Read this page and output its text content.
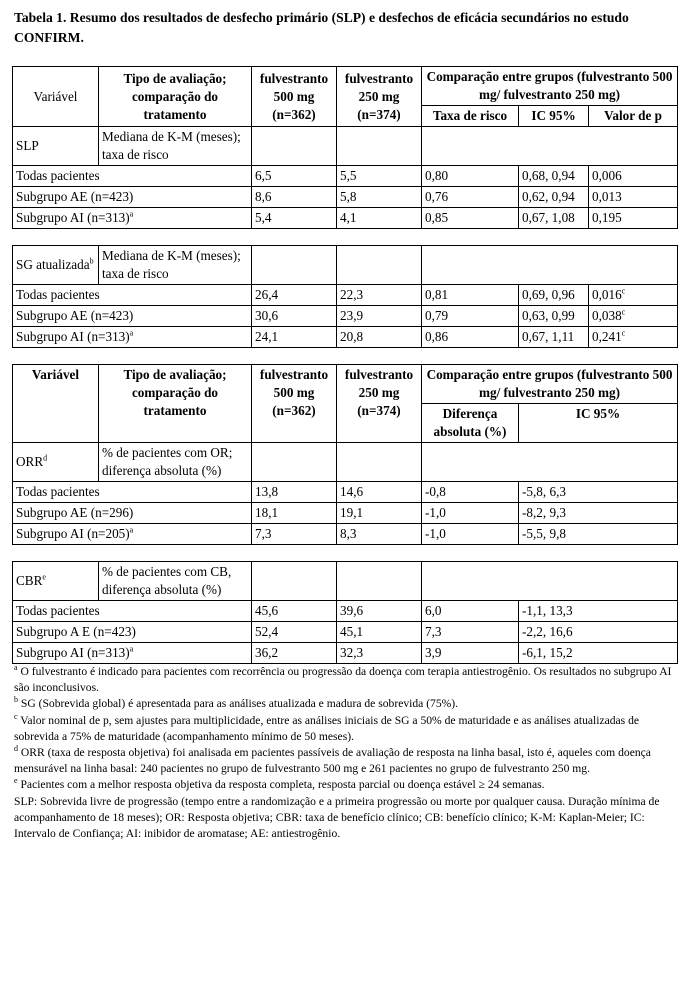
Tabela 1. Resumo dos resultados de desfecho primário (SLP) e desfechos de eficácia secundários no estudo CONFIRM.
Variável	Tipo de avaliação; comparação do tratamento	fulvestranto 500 mg (n=362)	fulvestranto 250 mg (n=374)	Comparação entre grupos (fulvestranto 500 mg/ fulvestranto 250 mg)		
				Taxa de risco	IC 95%	Valor de p
SLP	Mediana de K-M (meses); taxa de risco					
Todas pacientes		6,5	5,5	0,80	0,68, 0,94	0,006
Subgrupo AE (n=423)		8,6	5,8	0,76	0,62, 0,94	0,013
Subgrupo AI (n=313)$^a$		5,4	4,1	0,85	0,67, 1,08	0,195

SG atualizada$^b$	Mediana de K-M (meses); taxa de risco					
Todas pacientes		26,4	22,3	0,81	0,69, 0,96	0,016$^c$
Subgrupo AE (n=423)		30,6	23,9	0,79	0,63, 0,99	0,038$^c$
Subgrupo AI (n=313)$^a$		24,1	20,8	0,86	0,67, 1,11	0,241$^c$

Variável	Tipo de avaliação; comparação do tratamento	fulvestranto 500 mg (n=362)	fulvestranto 250 mg (n=374)	Comparação entre grupos (fulvestranto 500 mg/ fulvestranto 250 mg)		
				Diferença absoluta (%)	IC 95%	
ORR$^d$	% de pacientes com OR; diferença absoluta (%)					
Todas pacientes		13,8	14,6	-0,8	-5,8, 6,3	
Subgrupo AE (n=296)		18,1	19,1	-1,0	-8,2, 9,3	
Subgrupo AI (n=205)$^a$		7,3	8,3	-1,0	-5,5, 9,8	

CBR$^e$	% de pacientes com CB, diferença absoluta (%)					
Todas pacientes		45,6	39,6	6,0	-1,1, 13,3	
Subgrupo A E (n=423)		52,4	45,1	7,3	-2,2, 16,6	
Subgrupo AI (n=313)$^a$		36,2	32,3	3,9	-6,1, 15,2	

$^a$ O fulvestranto é indicado para pacientes com recorrência ou progressão da doença com terapia antiestrogênio. Os resultados no subgrupo AI são inconclusivos.

$^b$ SG (Sobrevida global) é apresentada para as análises atualizada e madura de sobrevida (75%).

$^c$ Valor nominal de p, sem ajustes para multiplicidade, entre as análises iniciais de SG a 50% de maturidade e as análises atualizadas de sobrevida a 75% de maturidade (acompanhamento mínimo de 50 meses).

$^d$ ORR (taxa de resposta objetiva) foi analisada em pacientes passíveis de avaliação de resposta na linha basal, isto é, aqueles com doença mensurável na linha basal: 240 pacientes no grupo de fulvestranto 500 mg e 261 pacientes no grupo de fulvestranto 250 mg.

$^e$ Pacientes com a melhor resposta objetiva da resposta completa, resposta parcial ou doença estável ≥ 24 semanas.

SLP: Sobrevida livre de progressão (tempo entre a randomização e a primeira progressão ou morte por qualquer causa. Duração mínima de acompanhamento de 18 meses); OR: Resposta objetiva; CBR: taxa de benefício clínico; CB: benefício clínico; K-M: Kaplan-Meier; IC: Intervalo de Confiança; AI: inibidor de aromatase; AE: antiestrogênio.
